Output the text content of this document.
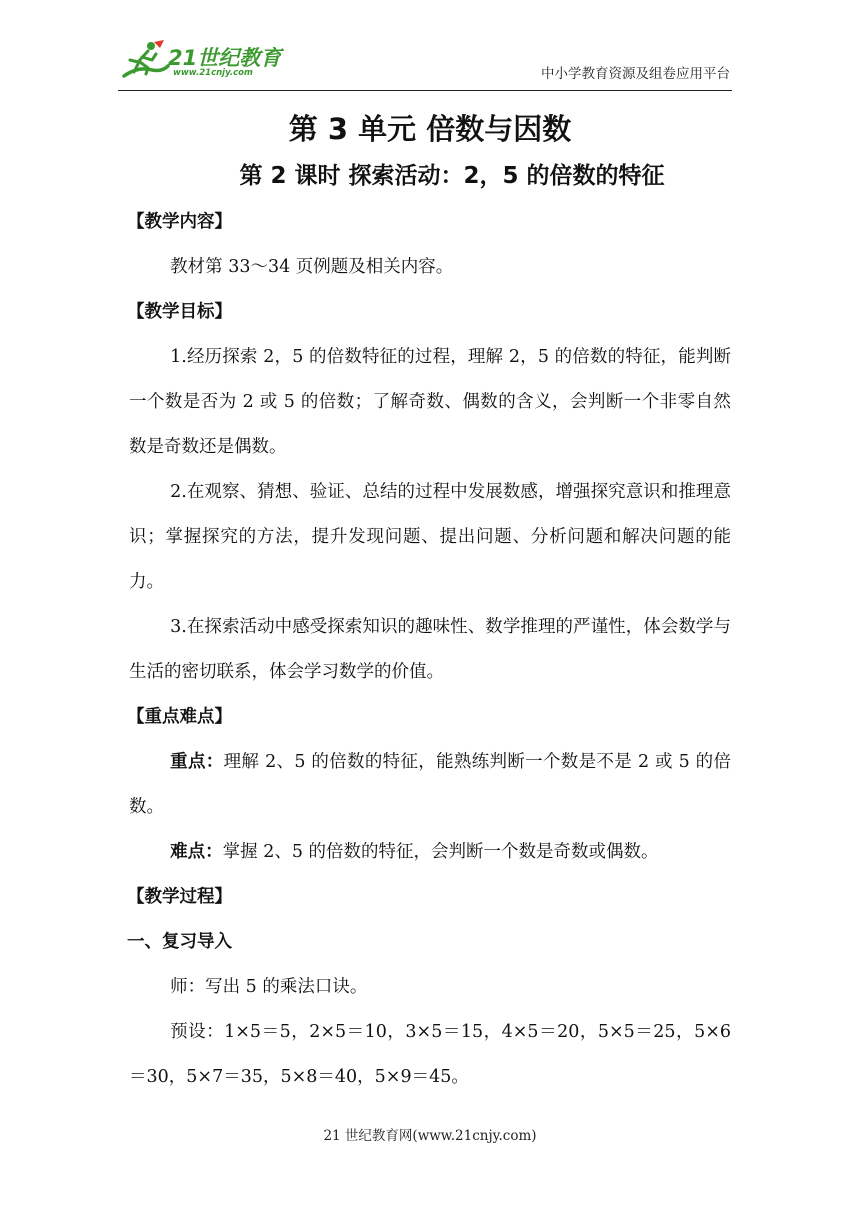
21世纪教育
www.21cnjy.com	中小学教育资源及组卷应用平台
第 3 单元 倍数与因数
第 2 课时 探索活动：2，5 的倍数的特征

【教学内容】

教材第 33～34 页例题及相关内容。

【教学目标】

1.经历探索 2，5 的倍数特征的过程，理解 2，5 的倍数的特征，能判断一个数是否为 2 或 5 的倍数；了解奇数、偶数的含义，会判断一个非零自然数是奇数还是偶数。

2.在观察、猜想、验证、总结的过程中发展数感，增强探究意识和推理意识；掌握探究的方法，提升发现问题、提出问题、分析问题和解决问题的能力。

3.在探索活动中感受探索知识的趣味性、数学推理的严谨性，体会数学与生活的密切联系，体会学习数学的价值。

【重点难点】

重点：理解 2、5 的倍数的特征，能熟练判断一个数是不是 2 或 5 的倍数。

难点：掌握 2、5 的倍数的特征，会判断一个数是奇数或偶数。

【教学过程】

一、复习导入

师：写出 5 的乘法口诀。

预设：1×5＝5，2×5＝10，3×5＝15，4×5＝20，5×5＝25，5×6＝30，5×7＝35，5×8＝40，5×9＝45。

21 世纪教育网(www.21cnjy.com)
